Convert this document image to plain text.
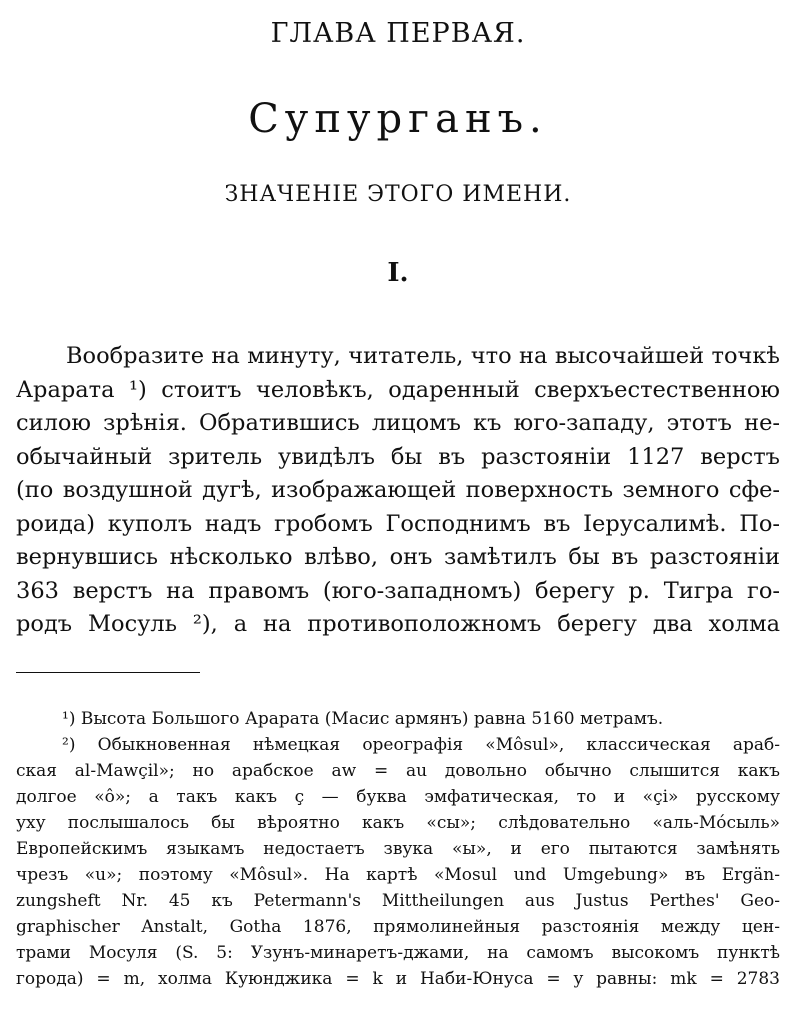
ГЛАВА ПЕРВАЯ.
Супурганъ.
ЗНАЧЕНІЕ ЭТОГО ИМЕНИ.
I.
Вообразите на минуту, читатель, что на высочайшей точкѣ
Арарата ¹) стоитъ человѣкъ, одаренный сверхъестественною
силою зрѣнія. Обратившись лицомъ къ юго-западу, этотъ не-
обычайный зритель увидѣлъ бы въ разстояніи 1127 верстъ
(по воздушной дугѣ, изображающей поверхность земного сфе-
роида) куполъ надъ гробомъ Господнимъ въ Іерусалимѣ. По-
вернувшись нѣсколько влѣво, онъ замѣтилъ бы въ разстояніи
363 верстъ на правомъ (юго-западномъ) берегу р. Тигра го-
родъ Мосуль ²), а на противоположномъ берегу два холма
¹) Высота Большого Арарата (Масис армянъ) равна 5160 метрамъ.
²) Обыкновенная нѣмецкая ореографія «Môsul», классическая араб-
ская al-Mawçil»; но арабское aw = au довольно обычно слышится какъ
долгое «ô»; а такъ какъ ç — буква эмфатическая, то и «çi» русскому
уху послышалось бы вѣроятно какъ «сы»; слѣдовательно «аль-Мóсыль»
Европейскимъ языкамъ недостаетъ звука «ы», и его пытаются замѣнять
чрезъ «u»; поэтому «Môsul». На картѣ «Mosul und Umgebung» въ Ergän-
zungsheft Nr. 45 къ Petermann's Mittheilungen aus Justus Perthes' Geo-
graphischer Anstalt, Gotha 1876, прямолинейныя разстоянія между цен-
трами Мосуля (S. 5: Узунъ-минаретъ-джами, на самомъ высокомъ пунктѣ
города) = m, холма Куюнджика = k и Наби-Юнуса = y равны: mk = 2783
